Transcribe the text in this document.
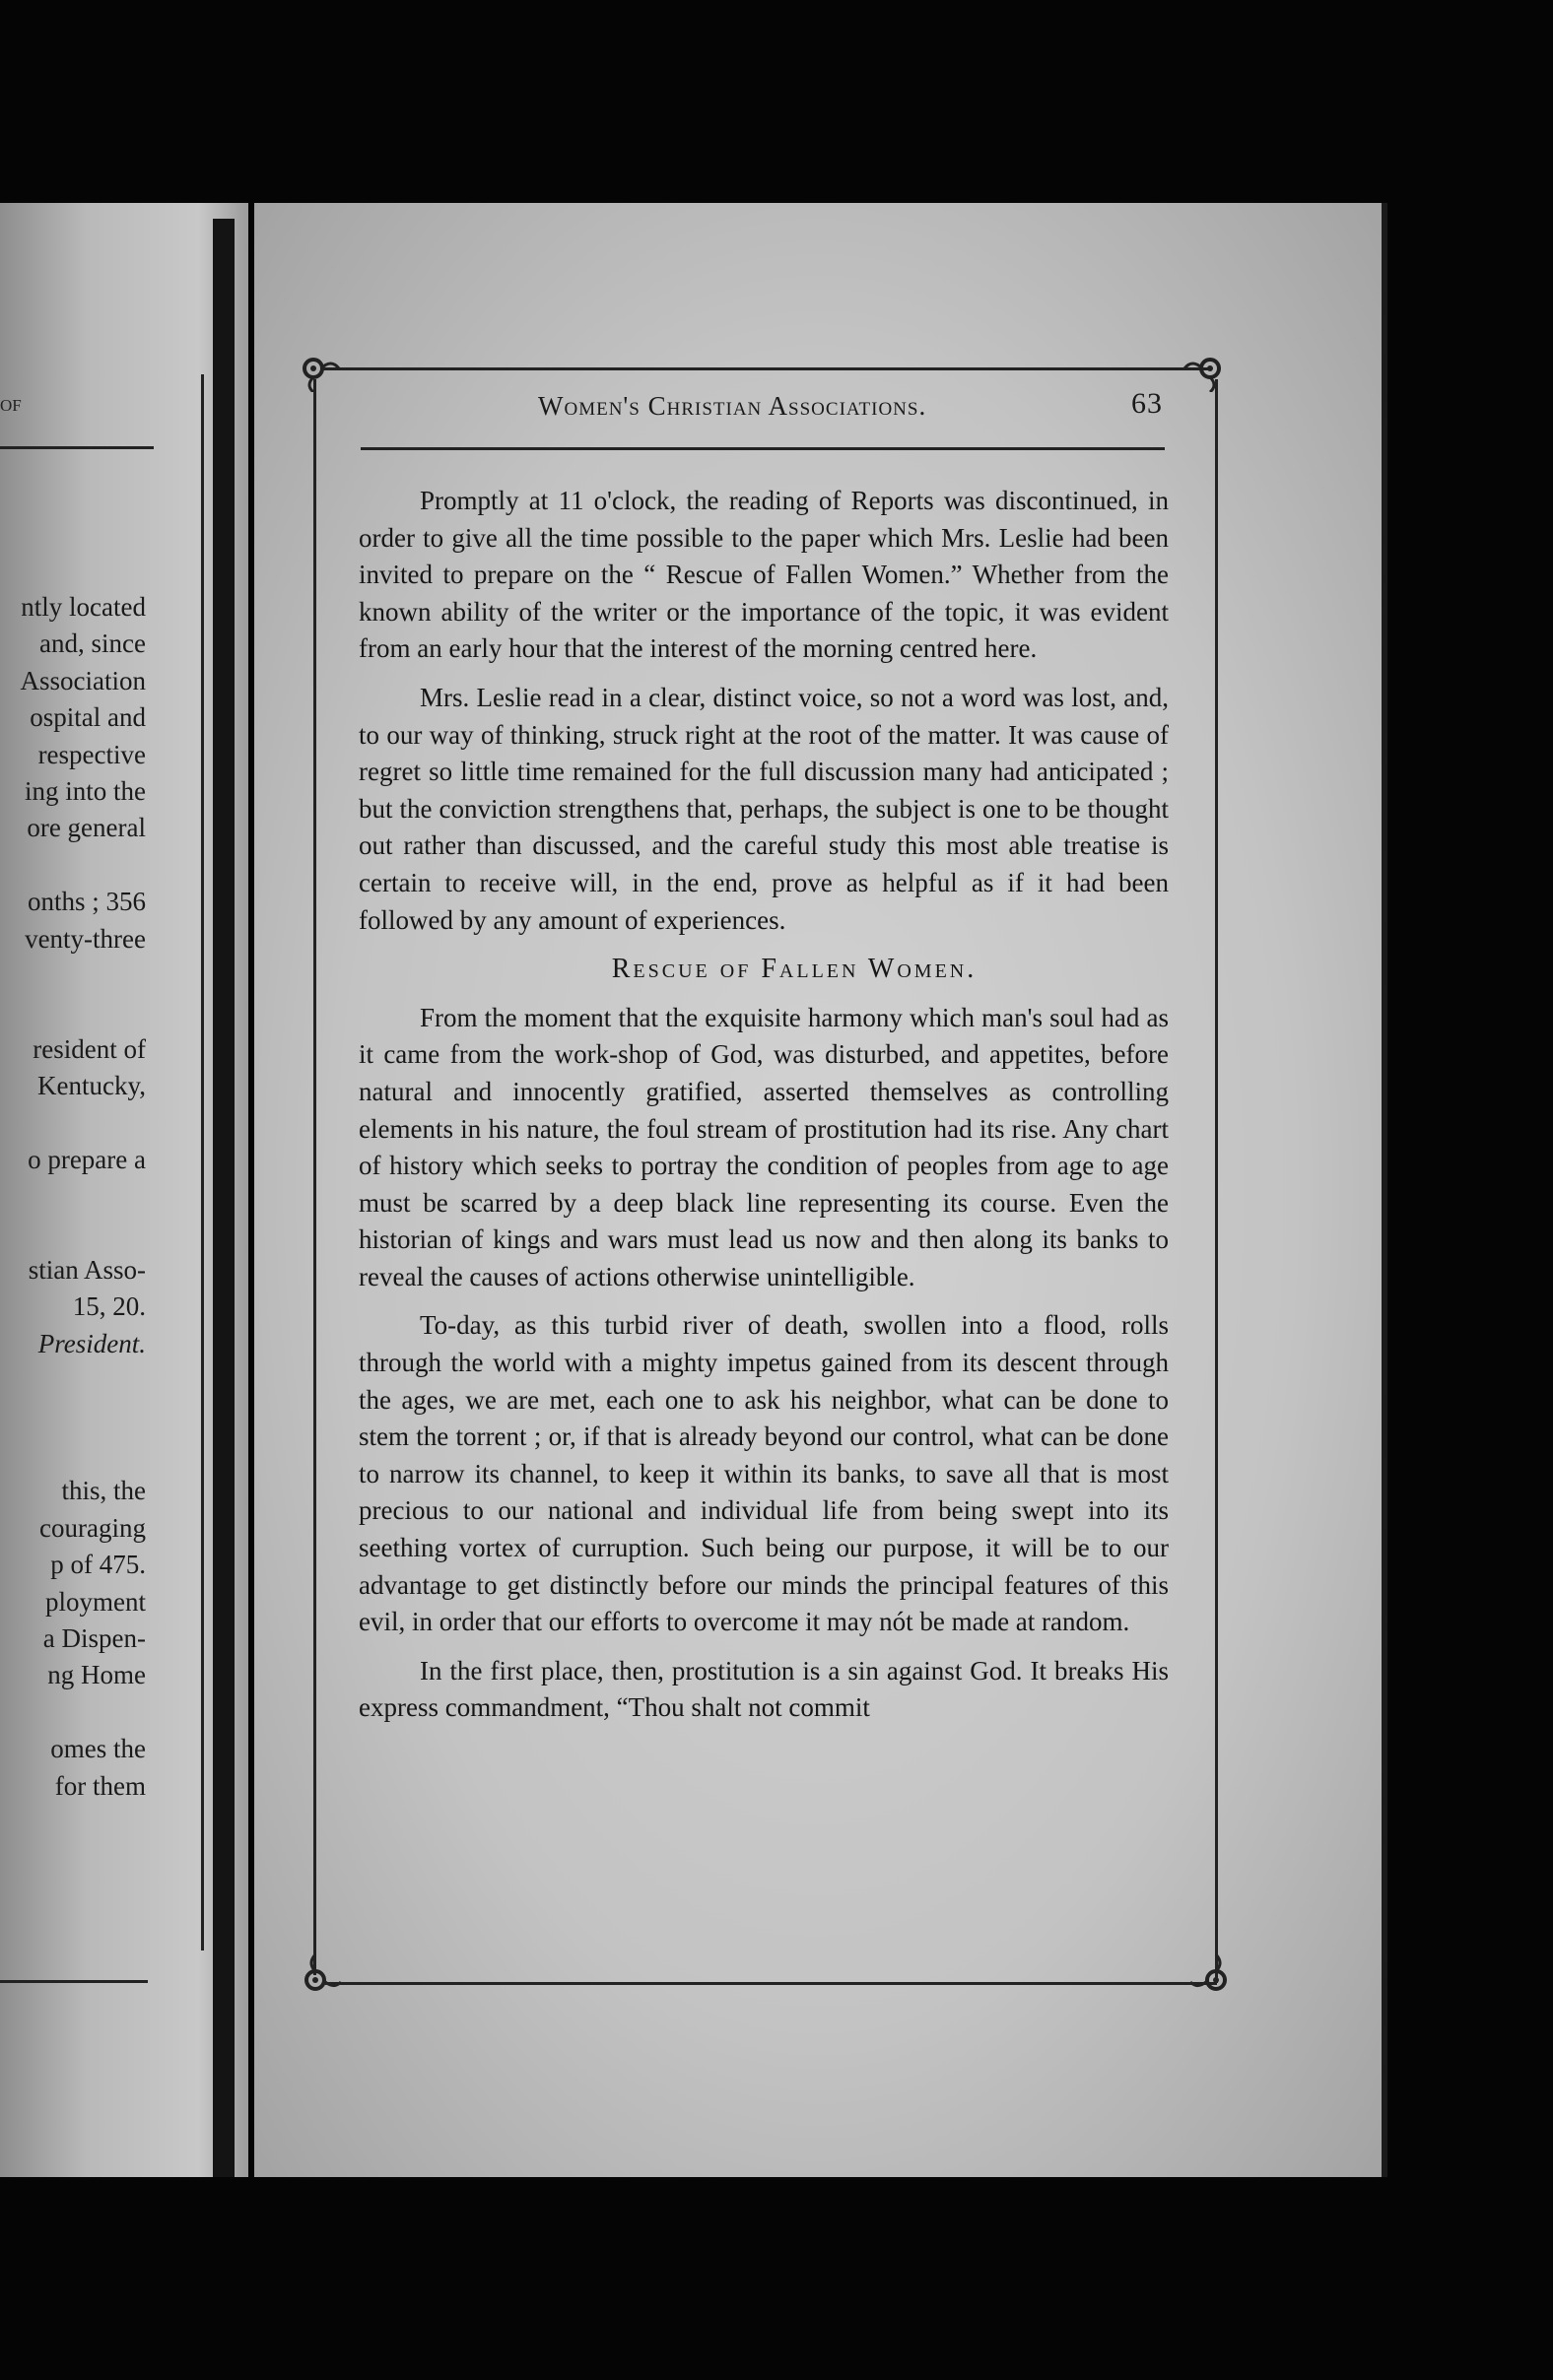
of
ntly located
and, since
Association
ospital and
respective
ing into the
ore general
onths ; 356
venty-three
resident of
Kentucky,
o prepare a
stian Asso-
15, 20.
President.
this, the
couraging
p of 475.
ployment
a Dispen-
ng Home
omes the
for them
Women's Christian Associations.	63

Promptly at 11 o'clock, the reading of Reports was discontinued, in order to give all the time possible to the paper which Mrs. Leslie had been invited to prepare on the “ Rescue of Fallen Women.” Whether from the known ability of the writer or the importance of the topic, it was evident from an early hour that the interest of the morning centred here.

Mrs. Leslie read in a clear, distinct voice, so not a word was lost, and, to our way of thinking, struck right at the root of the matter. It was cause of regret so little time remained for the full discussion many had anticipated ; but the conviction strengthens that, perhaps, the subject is one to be thought out rather than discussed, and the careful study this most able treatise is certain to receive will, in the end, prove as helpful as if it had been followed by any amount of experiences.

Rescue of Fallen Women.

From the moment that the exquisite harmony which man's soul had as it came from the work-shop of God, was disturbed, and appetites, before natural and innocently gratified, asserted themselves as controlling elements in his nature, the foul stream of prostitution had its rise. Any chart of history which seeks to portray the condition of peoples from age to age must be scarred by a deep black line representing its course. Even the historian of kings and wars must lead us now and then along its banks to reveal the causes of actions otherwise unintelligible.

To-day, as this turbid river of death, swollen into a flood, rolls through the world with a mighty impetus gained from its descent through the ages, we are met, each one to ask his neighbor, what can be done to stem the torrent ; or, if that is already beyond our control, what can be done to narrow its channel, to keep it within its banks, to save all that is most precious to our national and individual life from being swept into its seething vortex of curruption. Such being our purpose, it will be to our advantage to get distinctly before our minds the principal features of this evil, in order that our efforts to overcome it may nót be made at random.

In the first place, then, prostitution is a sin against God. It breaks His express commandment, “Thou shalt not commit
